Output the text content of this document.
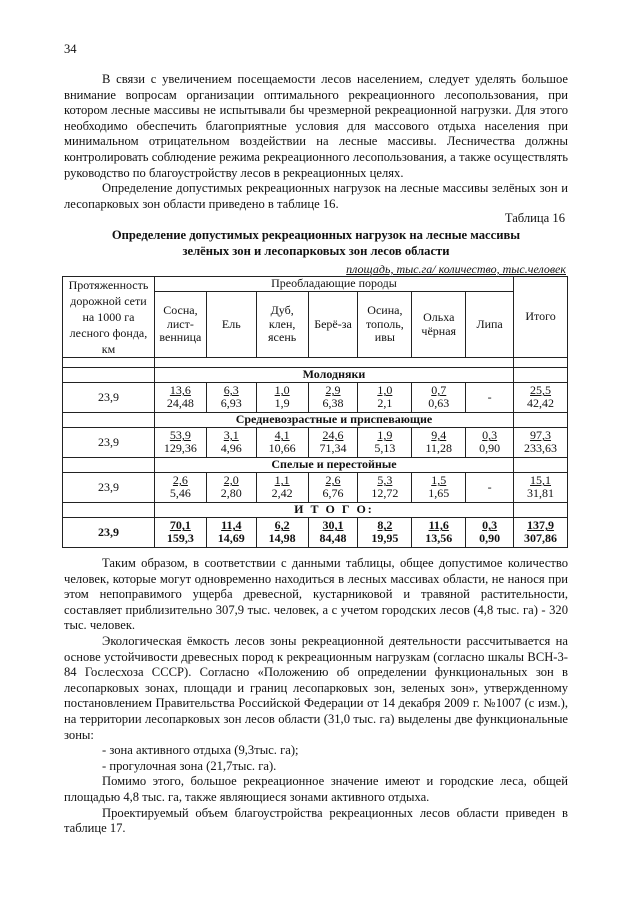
34

В связи с увеличением посещаемости лесов населением, следует уделять большое внимание вопросам организации оптимального рекреационного лесопользования, при котором лесные массивы не испытывали бы чрезмерной рекреационной нагрузки. Для этого необходимо обеспечить благоприятные условия для массового отдыха населения при минимальном отрицательном воздействии на лесные массивы. Лесничества должны контролировать соблюдение режима рекреационного лесопользования, а также осуществлять руководство по благоустройству лесов в рекреационных целях.

Определение допустимых рекреационных нагрузок на лесные массивы зелёных зон и лесопарковых зон области приведено в таблице 16.

Таблица 16
Определение допустимых рекреационных нагрузок на лесные массивы
зелёных зон и лесопарковых зон лесов области
площадь, тыс.га/ количество, тыс.человек
Протяженность дорожной сети на 1000 га лесного фонда, км	Преобладающие породы							Итого
	Сосна, лист-венница	Ель	Дуб, клен, ясень	Берё-за	Осина, тополь, ивы	Ольха чёрная	Липа	

	Молодняки							
23,9	$\frac{13,6}{24,48}$	$\frac{6,3}{6,93}$	$\frac{1,0}{1,9}$	$\frac{2,9}{6,38}$	$\frac{1,0}{2,1}$	$\frac{0,7}{0,63}$	-	$\frac{25,5}{42,42}$

	Средневозрастные и приспевающие							
23,9	$\frac{53,9}{129,36}$	$\frac{3,1}{4,96}$	$\frac{4,1}{10,66}$	$\frac{24,6}{71,34}$	$\frac{1,9}{5,13}$	$\frac{9,4}{11,28}$	$\frac{0,3}{0,90}$	$\frac{97,3}{233,63}$

	Спелые и перестойные							
23,9	$\frac{2,6}{5,46}$	$\frac{2,0}{2,80}$	$\frac{1,1}{2,42}$	$\frac{2,6}{6,76}$	$\frac{5,3}{12,72}$	$\frac{1,5}{1,65}$	-	$\frac{15,1}{31,81}$

	И Т О Г О:							
23,9	$\frac{70,1}{159,3}$	$\frac{11,4}{14,69}$	$\frac{6,2}{14,98}$	$\frac{30,1}{84,48}$	$\frac{8,2}{19,95}$	$\frac{11,6}{13,56}$	$\frac{0,3}{0,90}$	$\frac{137,9}{307,86}$

Таким образом, в соответствии с данными таблицы, общее допустимое количество человек, которые могут одновременно находиться в лесных массивах области, не нанося при этом непоправимого ущерба древесной, кустарниковой и травяной растительности, составляет приблизительно 307,9 тыс. человек, а с учетом городских лесов (4,8 тыс. га) - 320 тыс. человек.

Экологическая ёмкость лесов зоны рекреационной деятельности рассчитывается на основе устойчивости древесных пород к рекреационным нагрузкам (согласно шкалы ВСН-3-84 Гослесхоза СССР). Согласно «Положению об определении функциональных зон в лесопарковых зонах, площади и границ лесопарковых зон, зеленых зон», утвержденному постановлением Правительства Российской Федерации от 14 декабря 2009 г. №1007 (с изм.), на территории лесопарковых зон лесов области (31,0 тыс. га) выделены две функциональные зоны:

- зона активного отдыха (9,3тыс. га);

- прогулочная зона (21,7тыс. га).

Помимо этого, большое рекреационное значение имеют и городские леса, общей площадью 4,8 тыс. га, также являющиеся зонами активного отдыха.

Проектируемый объем благоустройства рекреационных лесов области приведен в таблице 17.
